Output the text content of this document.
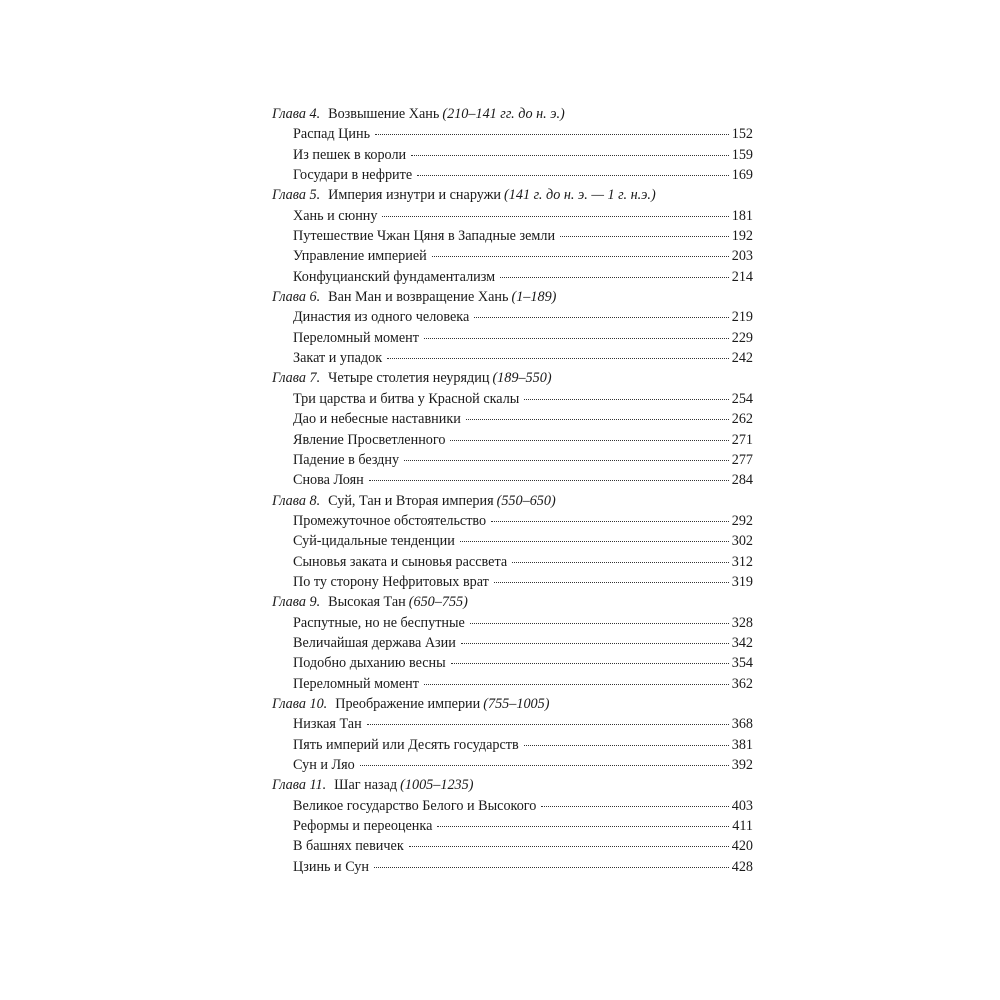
Глава 4. Возвышение Хань (210–141 гг. до н. э.)
Распад Цинь	152
Из пешек в короли	159
Государи в нефрите	169
Глава 5. Империя изнутри и снаружи (141 г. до н. э. — 1 г. н.э.)
Хань и сюнну	181
Путешествие Чжан Цяня в Западные земли	192
Управление империей	203
Конфуцианский фундаментализм	214
Глава 6. Ван Ман и возвращение Хань (1–189)
Династия из одного человека	219
Переломный момент	229
Закат и упадок	242
Глава 7. Четыре столетия неурядиц (189–550)
Три царства и битва у Красной скалы	254
Дао и небесные наставники	262
Явление Просветленного	271
Падение в бездну	277
Снова Лоян	284
Глава 8. Суй, Тан и Вторая империя (550–650)
Промежуточное обстоятельство	292
Суй-цидальные тенденции	302
Сыновья заката и сыновья рассвета	312
По ту сторону Нефритовых врат	319
Глава 9. Высокая Тан (650–755)
Распутные, но не беспутные	328
Величайшая держава Азии	342
Подобно дыханию весны	354
Переломный момент	362
Глава 10. Преображение империи (755–1005)
Низкая Тан	368
Пять империй или Десять государств	381
Сун и Ляо	392
Глава 11. Шаг назад (1005–1235)
Великое государство Белого и Высокого	403
Реформы и переоценка	411
В башнях певичек	420
Цзинь и Сун	428
